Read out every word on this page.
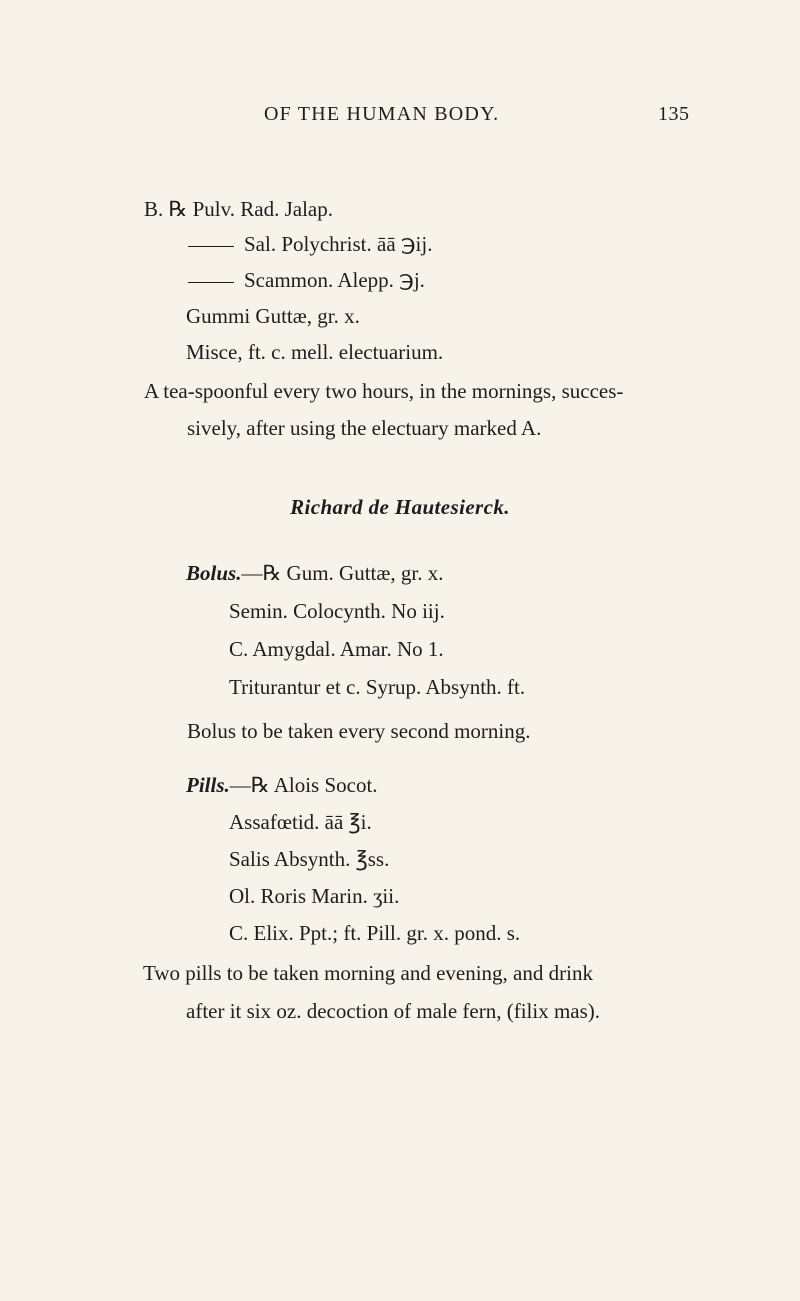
OF THE HUMAN BODY.	135
B. ℞ Pulv. Rad. Jalap.
Sal. Polychrist. āā ℈ij.
Scammon. Alepp. ℈j.
Gummi Guttæ, gr. x.
Misce, ft. c. mell. electuarium.
A tea-spoonful every two hours, in the mornings, succes-
sively, after using the electuary marked A.
Richard de Hautesierck.
Bolus.—℞ Gum. Guttæ, gr. x.
Semin. Colocynth. No iij.
C. Amygdal. Amar. No 1.
Triturantur et c. Syrup. Absynth. ft.
Bolus to be taken every second morning.
Pills.—℞ Alois Socot.
Assafœtid. āā ℥i.
Salis Absynth. ℥ss.
Ol. Roris Marin. ʒii.
C. Elix. Ppt.; ft. Pill. gr. x. pond. s.
Two pills to be taken morning and evening, and drink
after it six oz. decoction of male fern, (filix mas).
